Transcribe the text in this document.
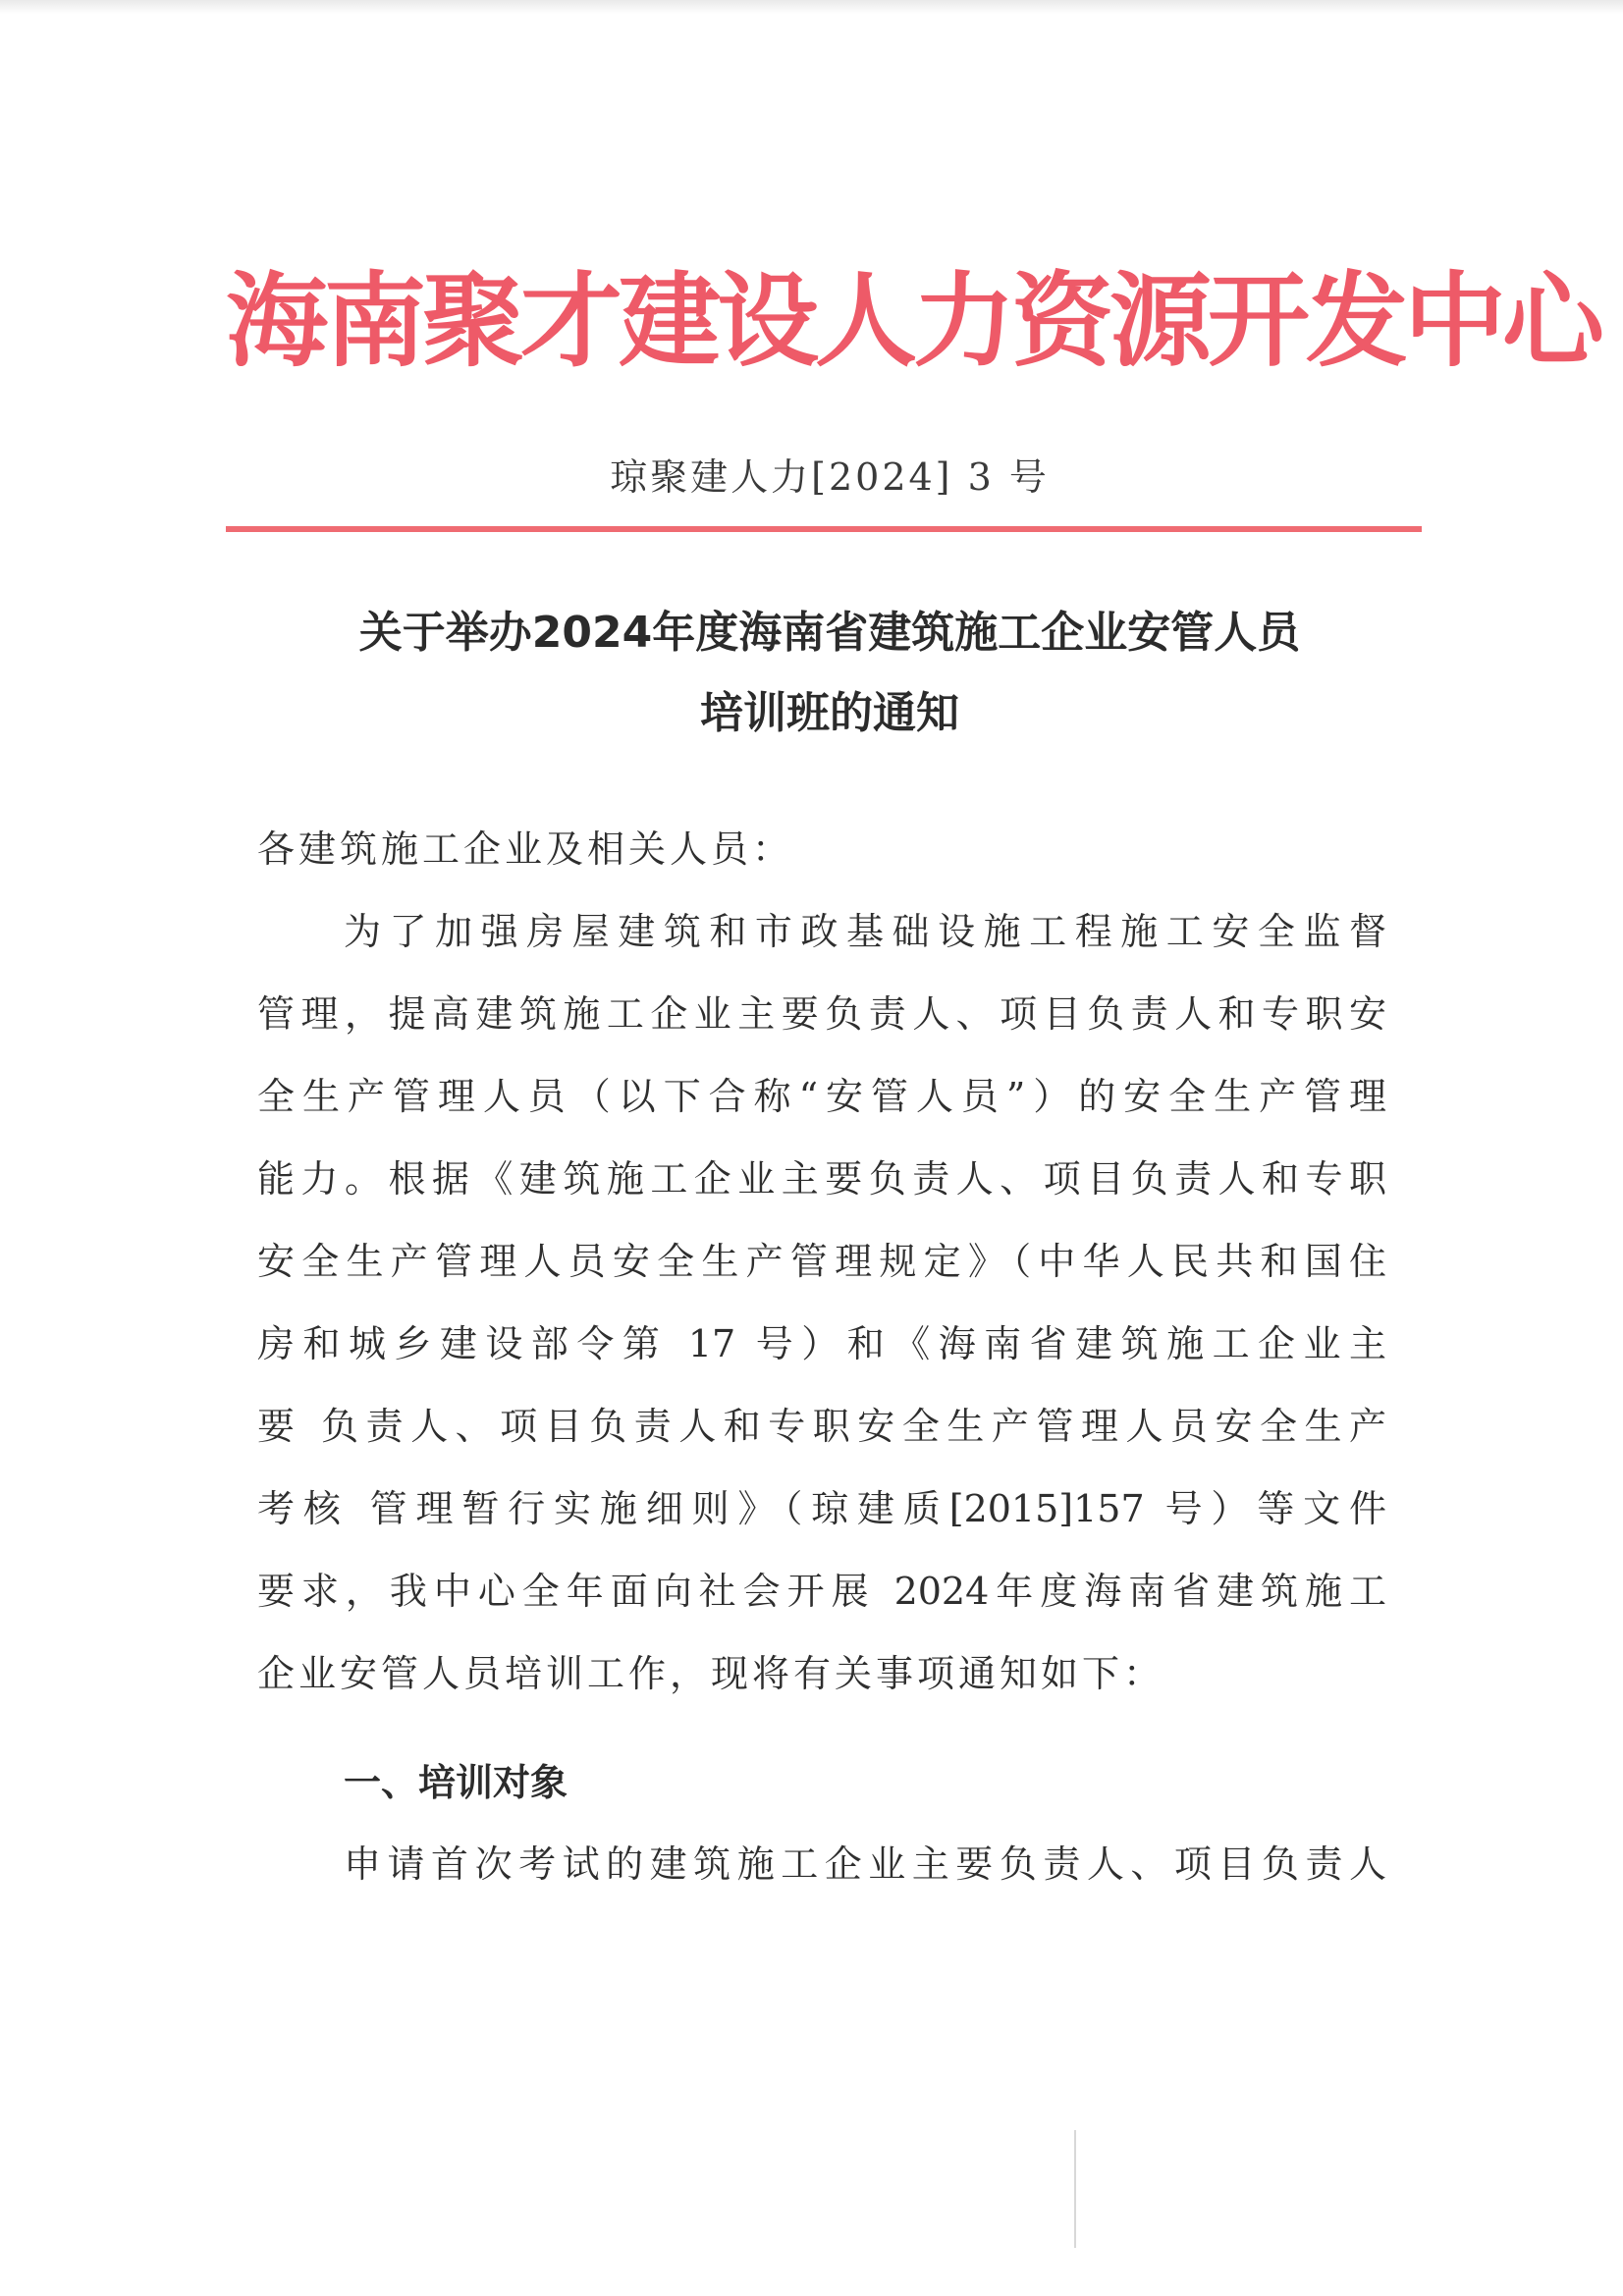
海南聚才建设人力资源开发中心
琼聚建人力[2024] 3 号
关于举办2024年度海南省建筑施工企业安管人员
培训班的通知
各建筑施工企业及相关人员：
为了加强房屋建筑和市政基础设施工程施工安全监督
管理，提高建筑施工企业主要负责人、项目负责人和专职安
全生产管理人员（以下合称“安管人员”）的安全生产管理
能力。根据《建筑施工企业主要负责人、项目负责人和专职
安全生产管理人员安全生产管理规定》（中华人民共和国住
房和城乡建设部令第 17 号）和《海南省建筑施工企业主
要 负责人、项目负责人和专职安全生产管理人员安全生产
考核 管理暂行实施细则》（琼建质[2015]157 号）等文件
要求，我中心全年面向社会开展 2024年度海南省建筑施工
企业安管人员培训工作，现将有关事项通知如下：
一、培训对象
申请首次考试的建筑施工企业主要负责人、项目负责人
